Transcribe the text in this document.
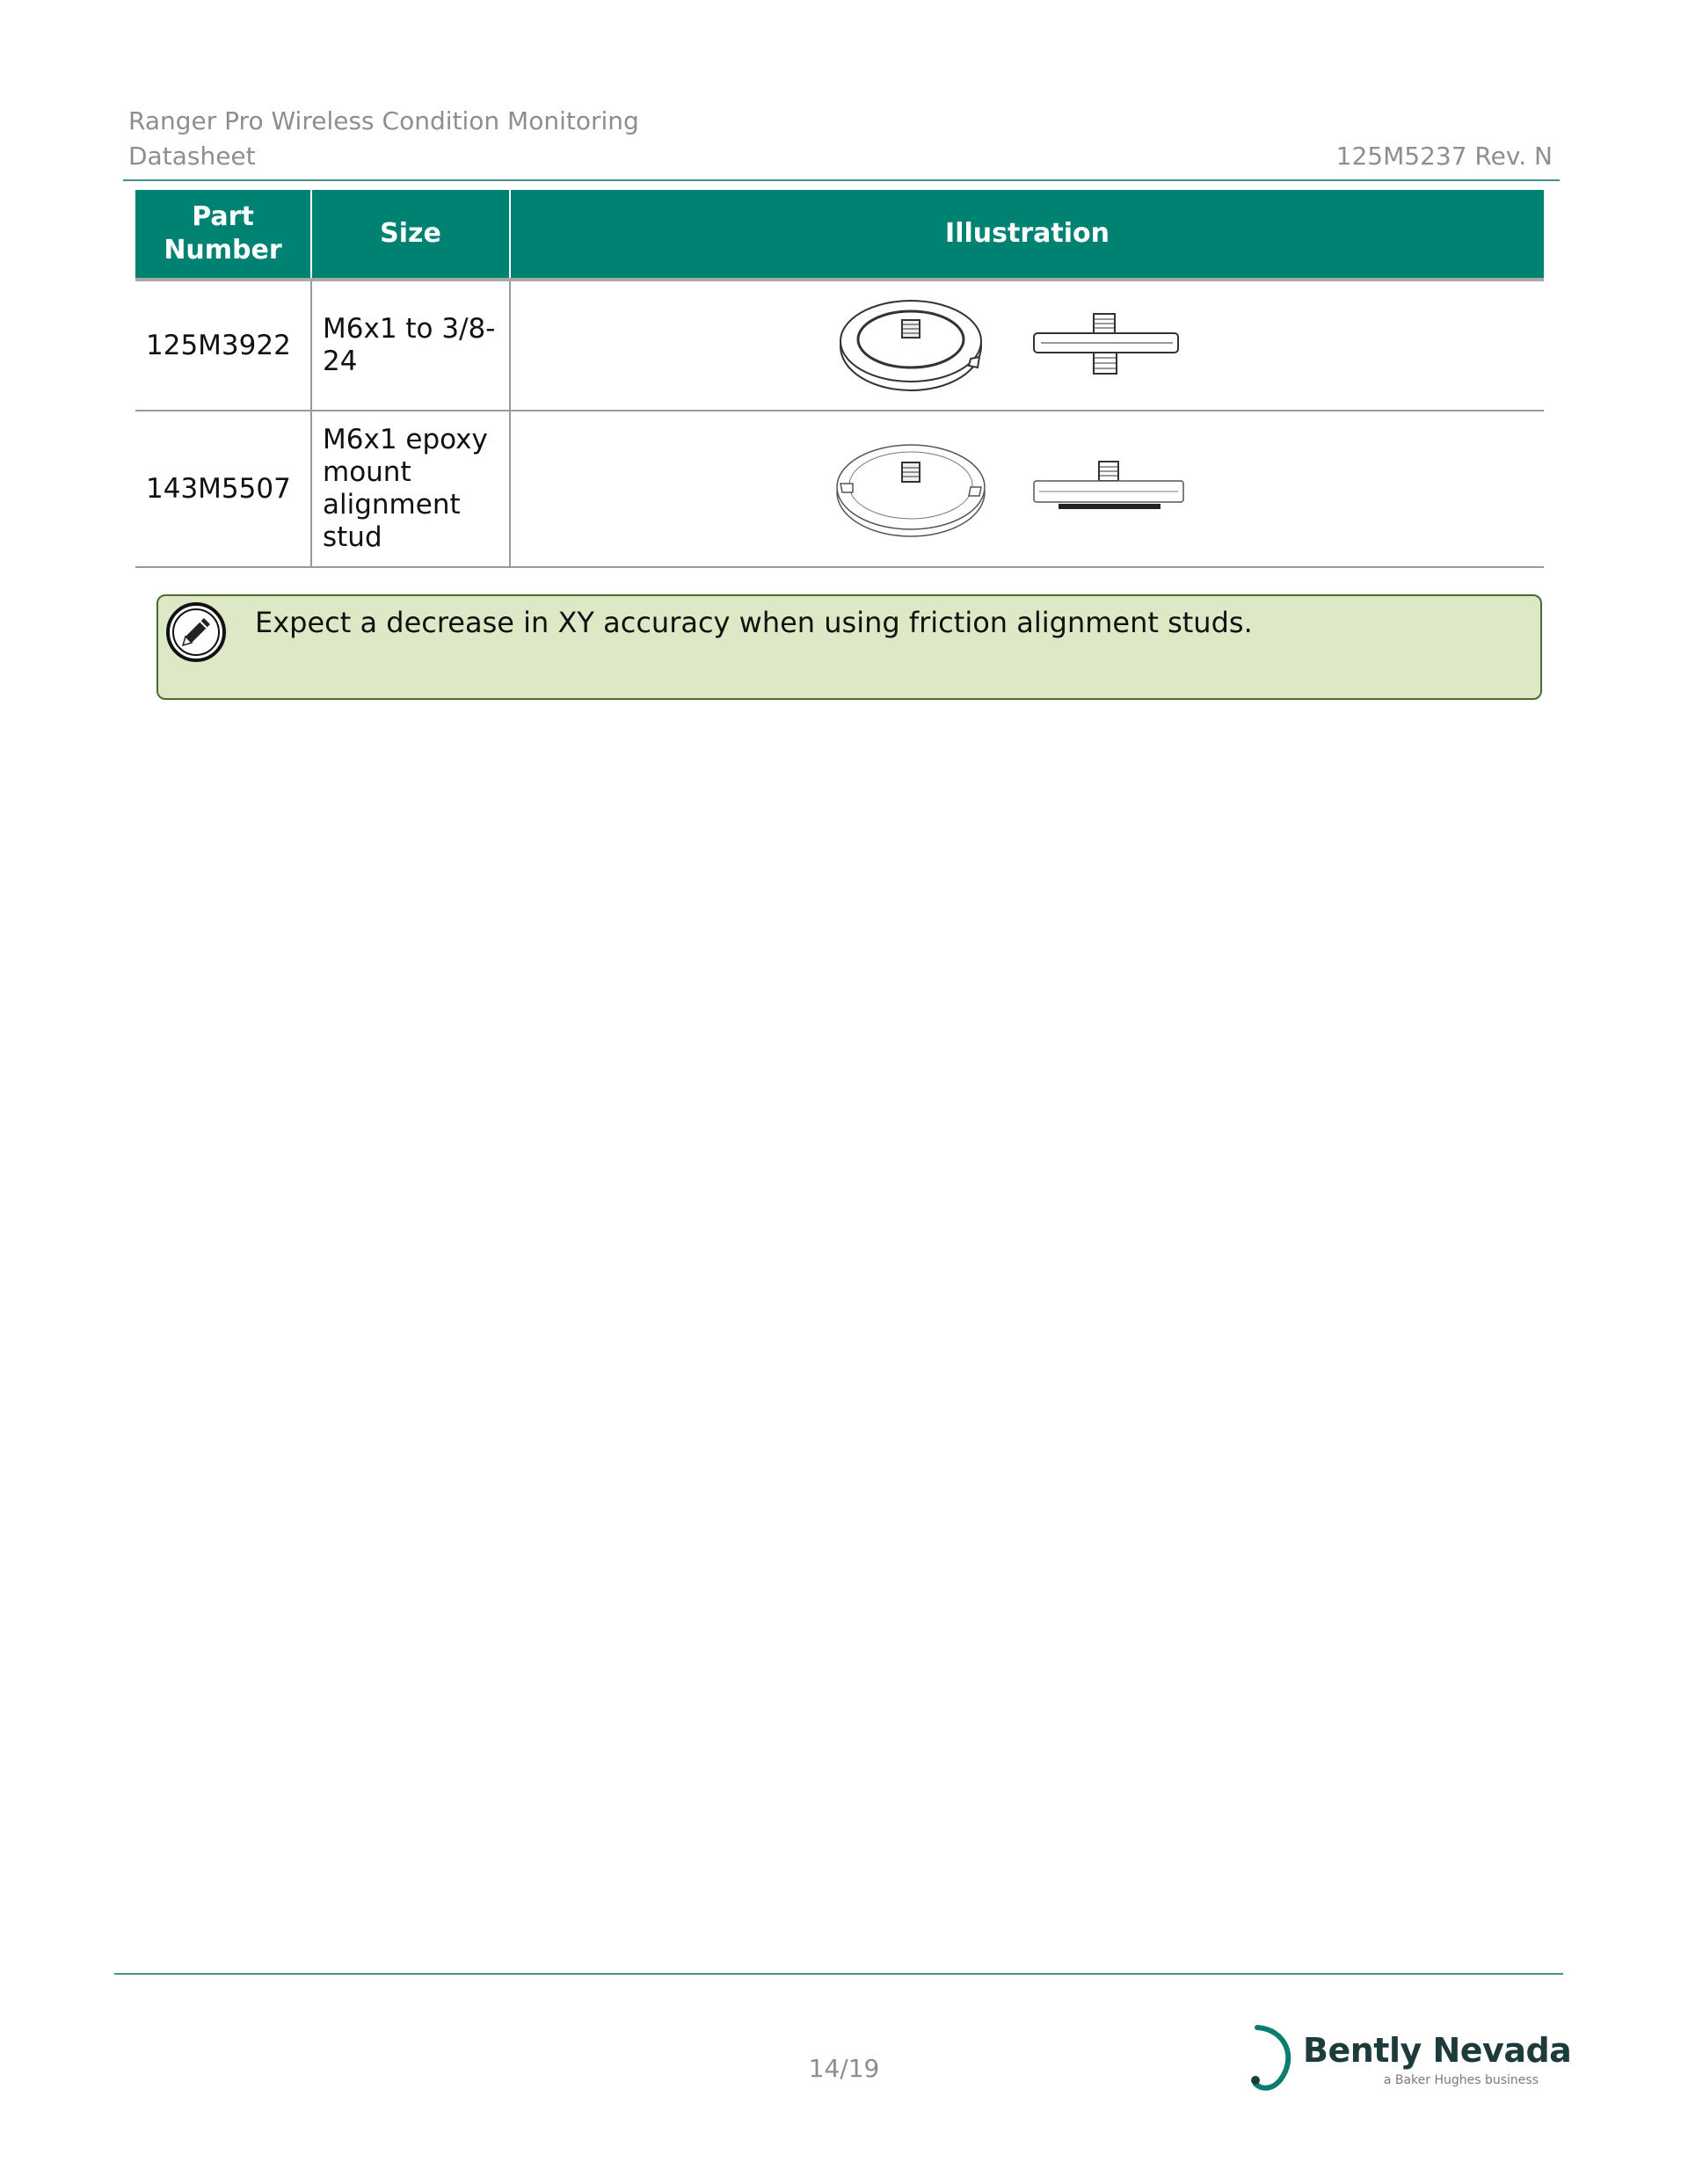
Ranger Pro Wireless Condition Monitoring
Datasheet	125M5237 Rev. N
Part Number	Size	Illustration
125M3922	M6x1 to 3/8-24	

143M5507	M6x1 epoxy mount alignment stud	
Expect a decrease in XY accuracy when using friction alignment studs.
14/19	Bently Nevada
a Baker Hughes business
